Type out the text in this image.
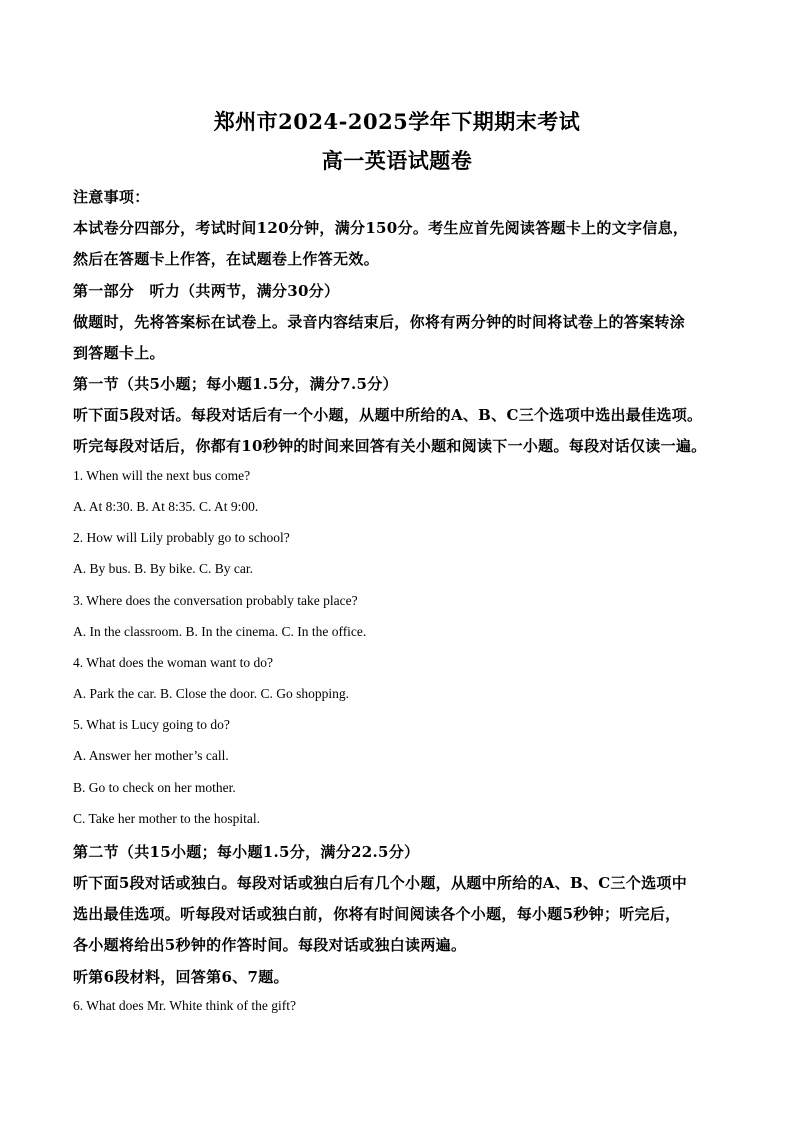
郑州市2024-2025学年下期期末考试
高一英语试题卷
注意事项：
本试卷分四部分，考试时间120分钟，满分150分。考生应首先阅读答题卡上的文字信息，
然后在答题卡上作答，在试题卷上作答无效。
第一部分　听力（共两节，满分30分）
做题时，先将答案标在试卷上。录音内容结束后，你将有两分钟的时间将试卷上的答案转涂
到答题卡上。
第一节（共5小题；每小题1.5分，满分7.5分）
听下面5段对话。每段对话后有一个小题，从题中所给的A、B、C三个选项中选出最佳选项。
听完每段对话后，你都有10秒钟的时间来回答有关小题和阅读下一小题。每段对话仅读一遍。
1. When will the next bus come?
A. At 8:30. B. At 8:35. C. At 9:00.
2. How will Lily probably go to school?
A. By bus. B. By bike. C. By car.
3. Where does the conversation probably take place?
A. In the classroom. B. In the cinema. C. In the office.
4. What does the woman want to do?
A. Park the car. B. Close the door. C. Go shopping.
5. What is Lucy going to do?
A. Answer her mother’s call.
B. Go to check on her mother.
C. Take her mother to the hospital.
第二节（共15小题；每小题1.5分，满分22.5分）
听下面5段对话或独白。每段对话或独白后有几个小题，从题中所给的A、B、C三个选项中
选出最佳选项。听每段对话或独白前，你将有时间阅读各个小题，每小题5秒钟；听完后，
各小题将给出5秒钟的作答时间。每段对话或独白读两遍。
听第6段材料，回答第6、7题。
6. What does Mr. White think of the gift?
